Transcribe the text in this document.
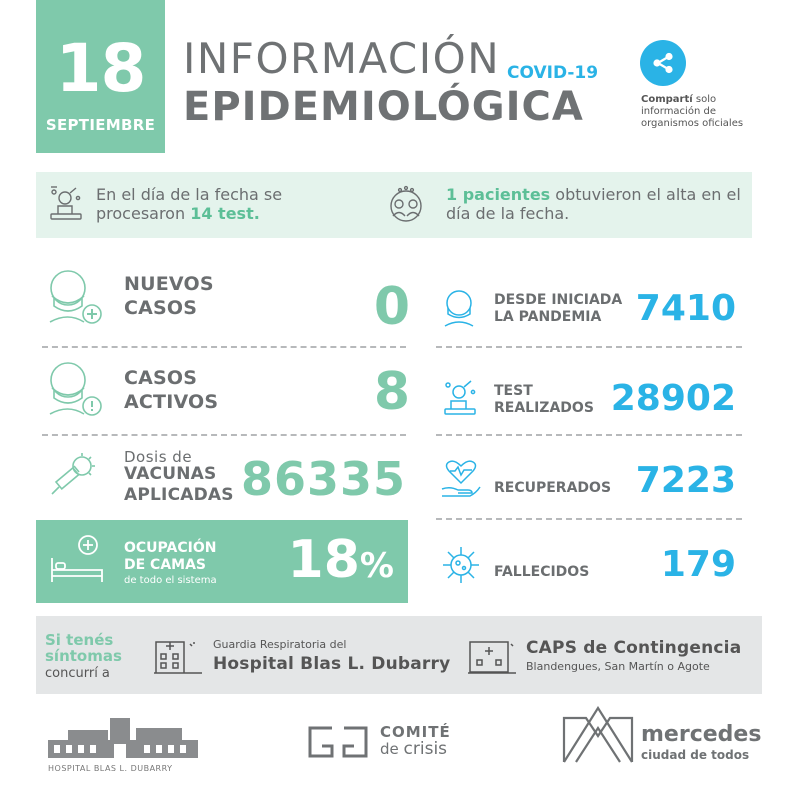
18
SEPTIEMBRE
INFORMACIÓN COVID-19
EPIDEMIOLÓGICA	Compartí solo información de organismos oficiales
En el día de la fecha se procesaron 14 test.
1 pacientes obtuvieron el alta en el día de la fecha.
NUEVOS
CASOS	0
CASOS
ACTIVOS	8
Dosis de
VACUNAS
APLICADAS 86335
OCUPACIÓN
DE CAMAS
de todo el sistema 18%
DESDE INICIADA
LA PANDEMIA 7410
TEST
REALIZADOS 28902
RECUPERADOS 7223
FALLECIDOS	179
Si tenés
síntomas
concurrí a
Guardia Respiratoria del
Hospital Blas L. Dubarry
CAPS de Contingencia
Blandengues, San Martín o Agote
HOSPITAL BLAS L. DUBARRY
COMITÉ
de crisis
mercedes
ciudad de todos
